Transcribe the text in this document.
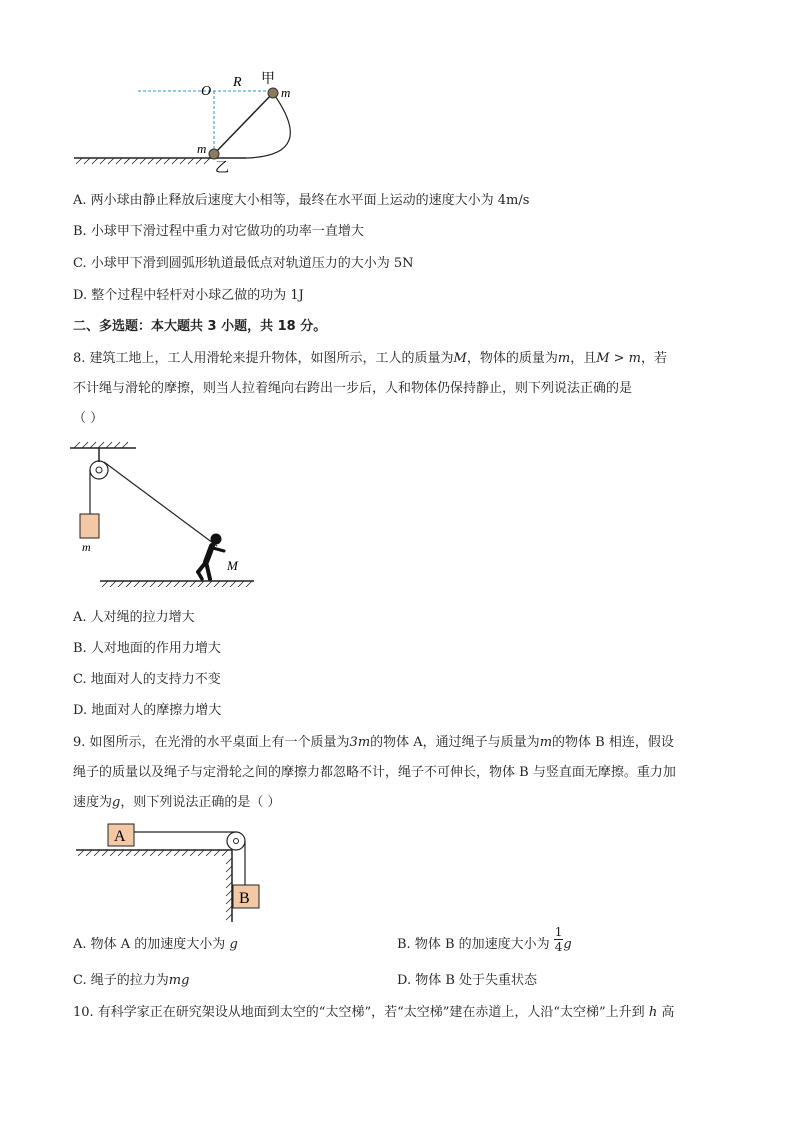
O
R 甲
m
m
乙
A. 两小球由静止释放后速度大小相等，最终在水平面上运动的速度大小为 4m/s
B. 小球甲下滑过程中重力对它做功的功率一直增大
C. 小球甲下滑到圆弧形轨道最低点对轨道压力的大小为 5N
D. 整个过程中轻杆对小球乙做的功为 1J
二、多选题：本大题共 3 小题，共 18 分。
8. 建筑工地上，工人用滑轮来提升物体，如图所示，工人的质量为M，物体的质量为m，且M > m，若
不计绳与滑轮的摩擦，则当人拉着绳向右跨出一步后，人和物体仍保持静止，则下列说法正确的是
（ ）
m
M
A. 人对绳的拉力增大
B. 人对地面的作用力增大
C. 地面对人的支持力不变
D. 地面对人的摩擦力增大
9. 如图所示，在光滑的水平桌面上有一个质量为3m的物体 A，通过绳子与质量为m的物体 B 相连，假设
绳子的质量以及绳子与定滑轮之间的摩擦力都忽略不计，绳子不可伸长，物体 B 与竖直面无摩擦。重力加
速度为g，则下列说法正确的是（ ）
A
B
A. 物体 A 的加速度大小为 g	B. 物体 B 的加速度大小为 $\frac{1}{4}$ g
C. 绳子的拉力为mg	D. 物体 B 处于失重状态
10. 有科学家正在研究架设从地面到太空的“太空梯”，若“太空梯”建在赤道上，人沿“太空梯”上升到 h 高
